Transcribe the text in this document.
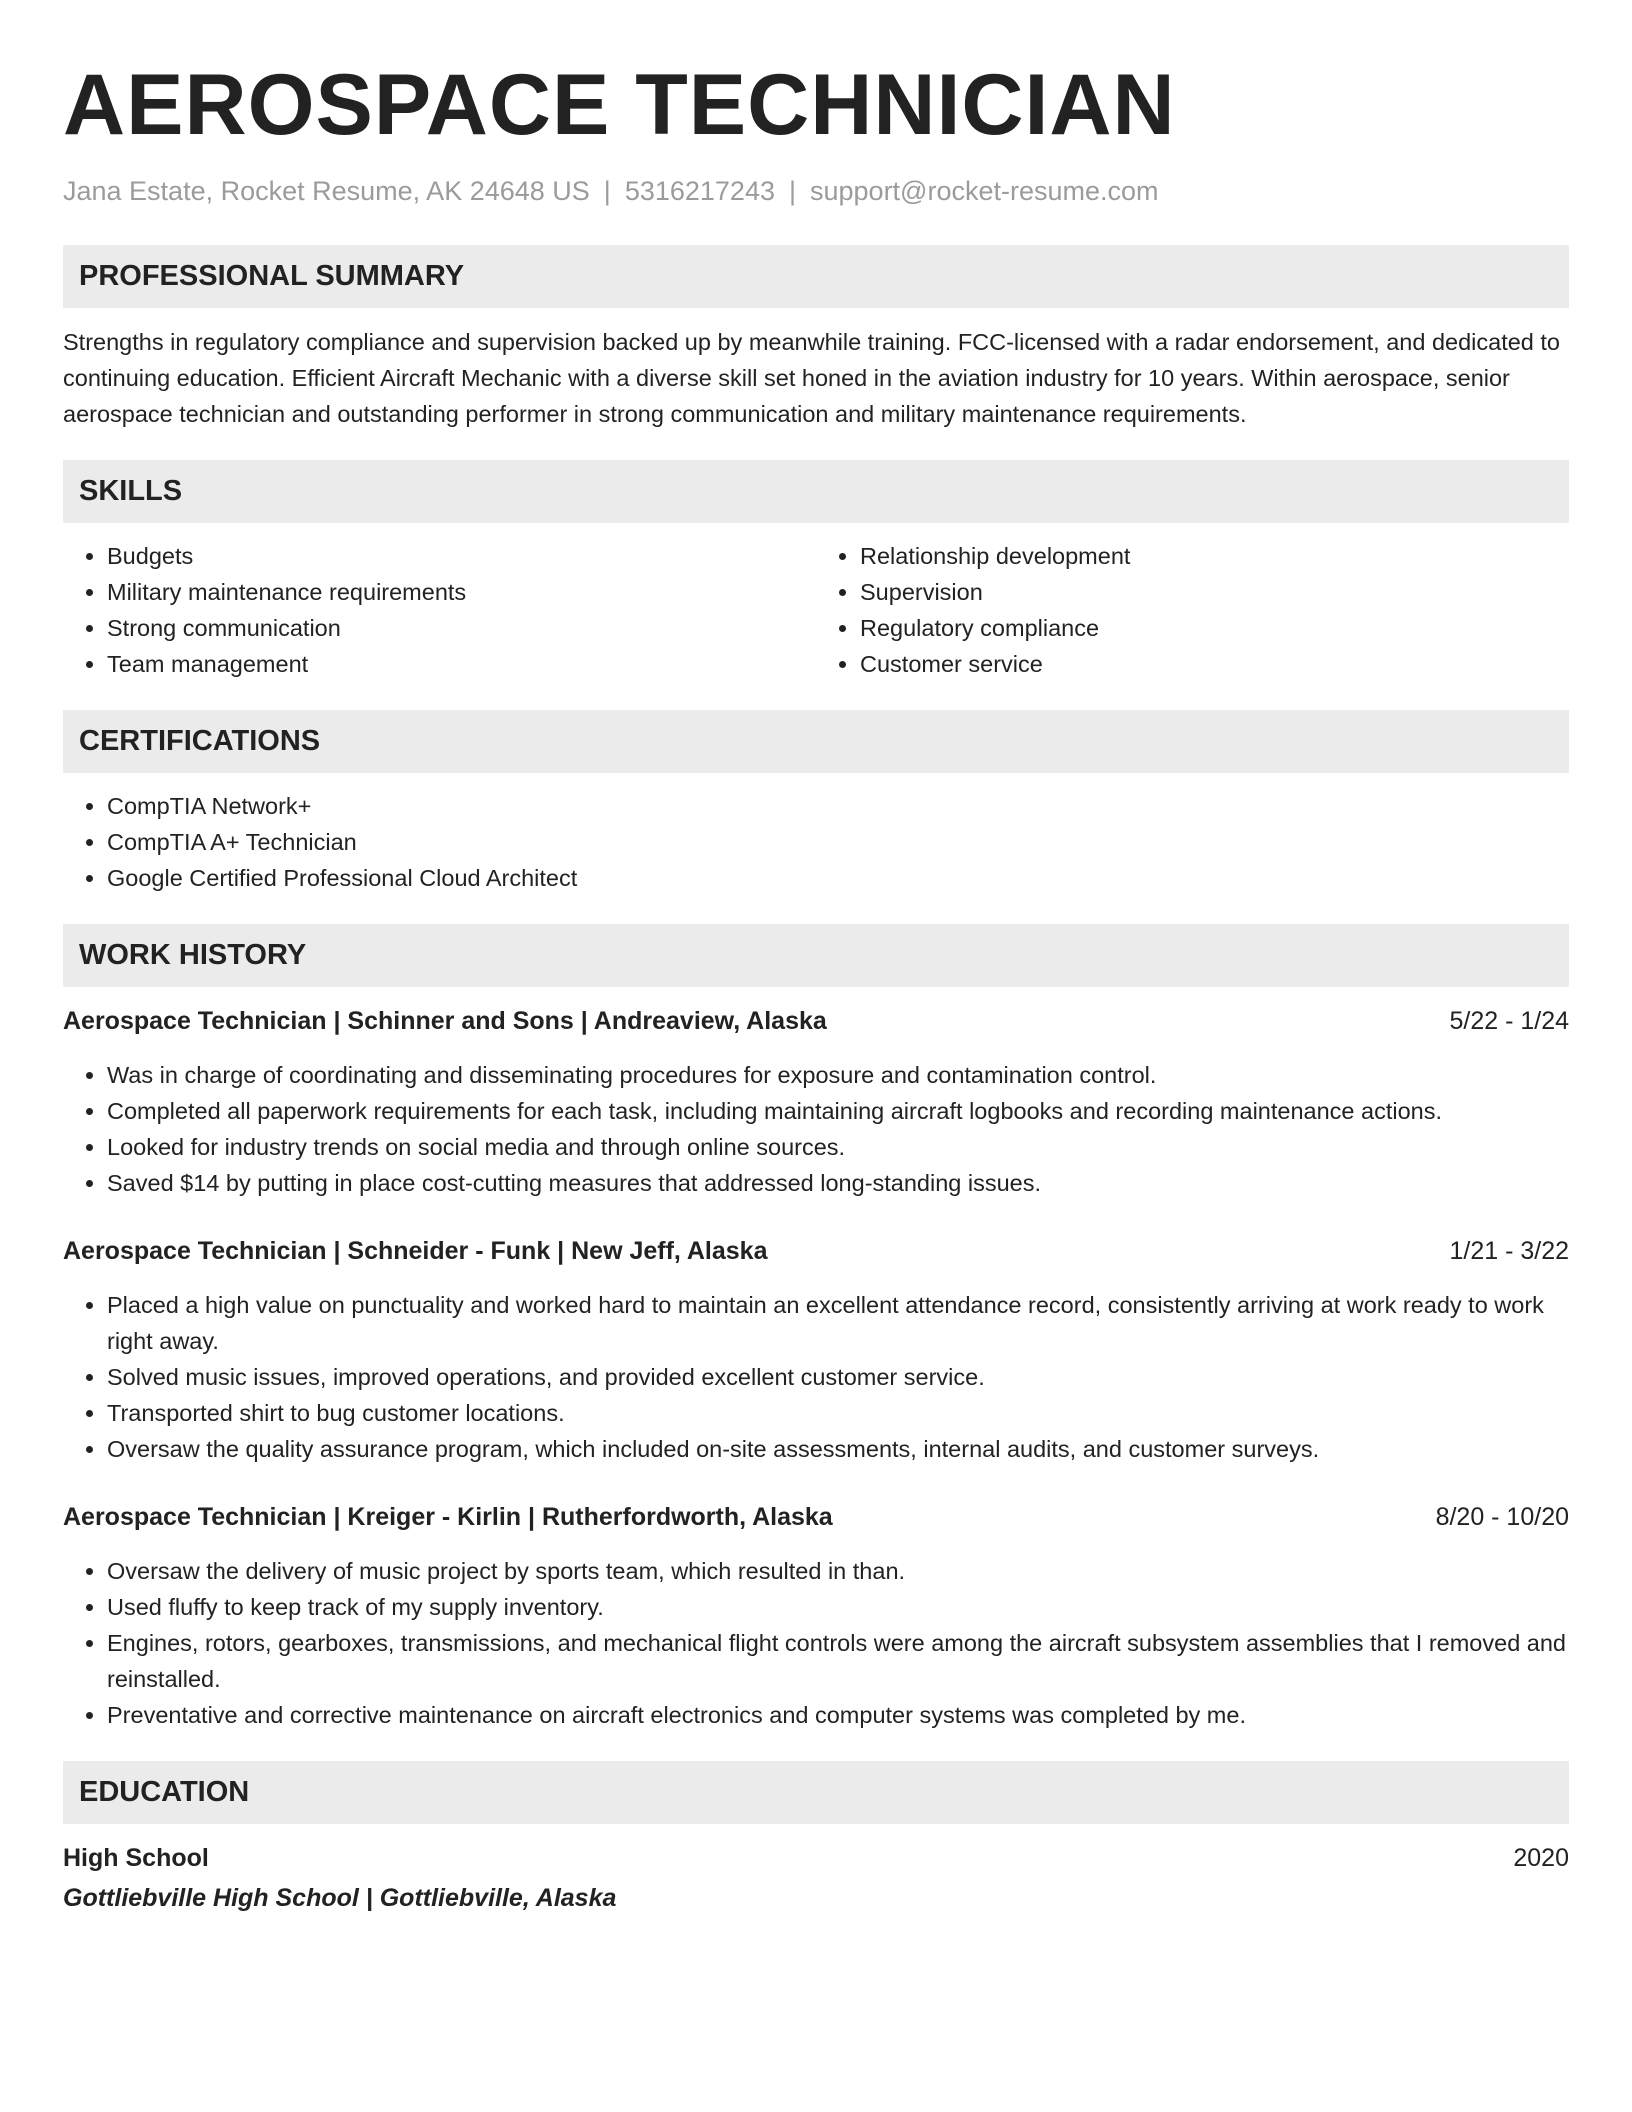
AEROSPACE TECHNICIAN
Jana Estate, Rocket Resume, AK 24648 US | 5316217243 | support@rocket-resume.com
PROFESSIONAL SUMMARY

Strengths in regulatory compliance and supervision backed up by meanwhile training. FCC-licensed with a radar endorsement, and dedicated to continuing education. Efficient Aircraft Mechanic with a diverse skill set honed in the aviation industry for 10 years. Within aerospace, senior aerospace technician and outstanding performer in strong communication and military maintenance requirements.

SKILLS
• Budgets
• Military maintenance requirements
• Strong communication
• Team management
• Relationship development
• Supervision
• Regulatory compliance
• Customer service
CERTIFICATIONS
• CompTIA Network+
• CompTIA A+ Technician
• Google Certified Professional Cloud Architect
WORK HISTORY
Aerospace Technician | Schinner and Sons | Andreaview, Alaska	5/22 - 1/24
• Was in charge of coordinating and disseminating procedures for exposure and contamination control.
• Completed all paperwork requirements for each task, including maintaining aircraft logbooks and recording maintenance actions.
• Looked for industry trends on social media and through online sources.
• Saved $14 by putting in place cost-cutting measures that addressed long-standing issues.
Aerospace Technician | Schneider - Funk | New Jeff, Alaska	1/21 - 3/22
• Placed a high value on punctuality and worked hard to maintain an excellent attendance record, consistently arriving at work ready to work right away.
• Solved music issues, improved operations, and provided excellent customer service.
• Transported shirt to bug customer locations.
• Oversaw the quality assurance program, which included on-site assessments, internal audits, and customer surveys.
Aerospace Technician | Kreiger - Kirlin | Rutherfordworth, Alaska	8/20 - 10/20
• Oversaw the delivery of music project by sports team, which resulted in than.
• Used fluffy to keep track of my supply inventory.
• Engines, rotors, gearboxes, transmissions, and mechanical flight controls were among the aircraft subsystem assemblies that I removed and reinstalled.
• Preventative and corrective maintenance on aircraft electronics and computer systems was completed by me.
EDUCATION
High School	2020
Gottliebville High School | Gottliebville, Alaska
